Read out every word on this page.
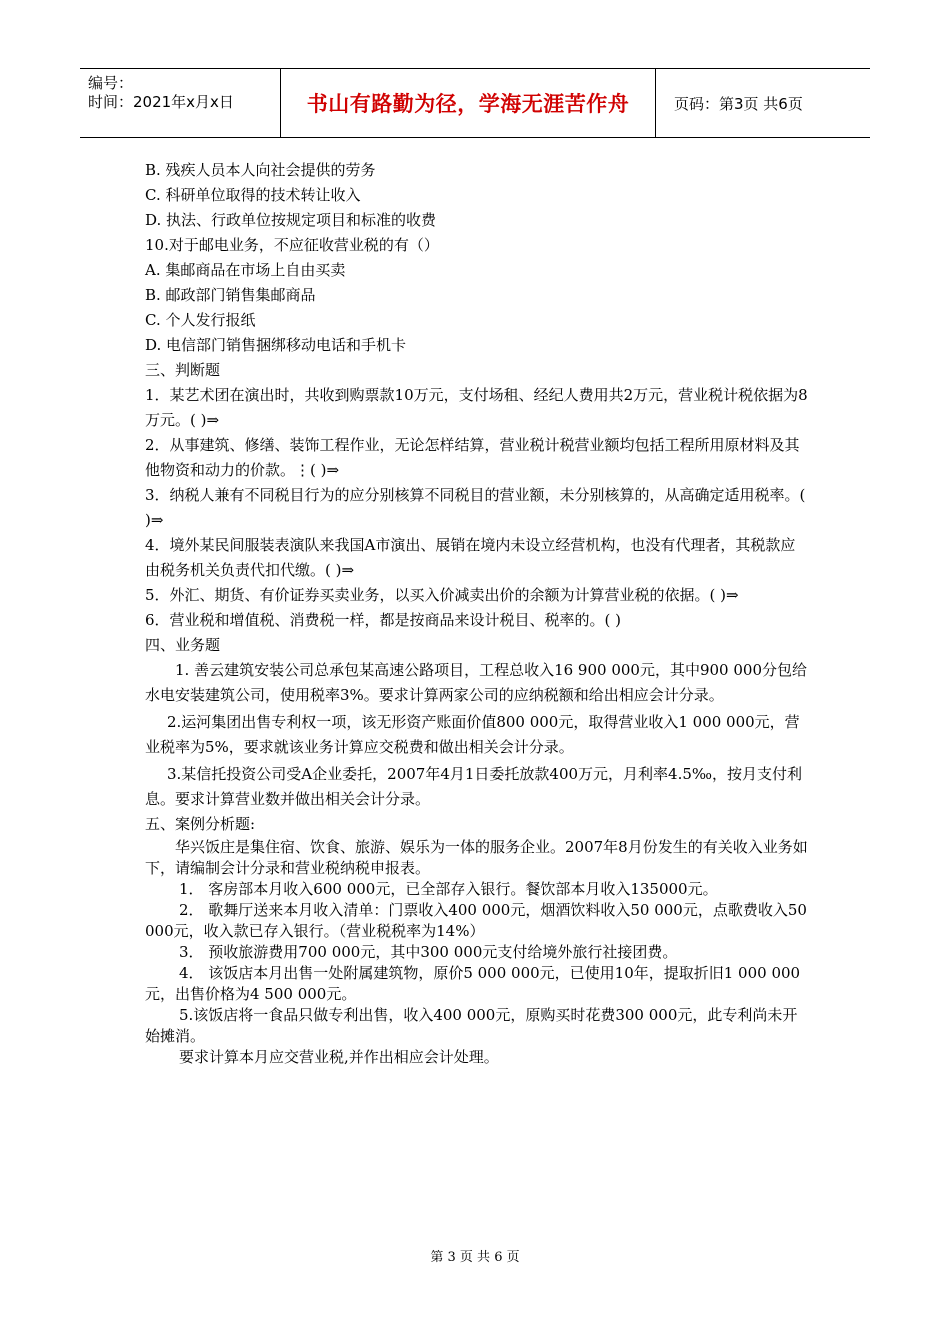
编号：
时间：2021年x月x日	书山有路勤为径，学海无涯苦作舟	页码：第3页 共6页
B. 残疾人员本人向社会提供的劳务
C. 科研单位取得的技术转让收入
D. 执法、行政单位按规定项目和标准的收费
10.对于邮电业务，不应征收营业税的有（）
A. 集邮商品在市场上自由买卖
B. 邮政部门销售集邮商品
C. 个人发行报纸
D. 电信部门销售捆绑移动电话和手机卡
三、判断题
1．某艺术团在演出时，共收到购票款10万元，支付场租、经纪人费用共2万元，营业税计税依据为8万元。( )⇒
2．从事建筑、修缮、装饰工程作业，无论怎样结算，营业税计税营业额均包括工程所用原材料及其他物资和动力的价款。⋮( )⇒
3．纳税人兼有不同税目行为的应分别核算不同税目的营业额，未分别核算的，从高确定适用税率。( )⇒
4．境外某民间服装表演队来我国A市演出、展销在境内未设立经营机构，也没有代理者，其税款应由税务机关负责代扣代缴。( )⇒
5．外汇、期货、有价证券买卖业务，以买入价减卖出价的余额为计算营业税的依据。( )⇒
6．营业税和增值税、消费税一样，都是按商品来设计税目、税率的。( )
四、业务题
1. 善云建筑安装公司总承包某高速公路项目，工程总收入16 900 000元，其中900 000分包给水电安装建筑公司，使用税率3%。要求计算两家公司的应纳税额和给出相应会计分录。
2.运河集团出售专利权一项，该无形资产账面价值800 000元，取得营业收入1 000 000元，营业税率为5%，要求就该业务计算应交税费和做出相关会计分录。
3.某信托投资公司受A企业委托，2007年4月1日委托放款400万元，月利率4.5‰，按月支付利息。要求计算营业数并做出相关会计分录。
五、案例分析题:
华兴饭庄是集住宿、饮食、旅游、娱乐为一体的服务企业。2007年8月份发生的有关收入业务如下，请编制会计分录和营业税纳税申报表。
1． 客房部本月收入600 000元，已全部存入银行。餐饮部本月收入135000元。
2． 歌舞厅送来本月收入清单：门票收入400 000元，烟酒饮料收入50 000元，点歌费收入50 000元，收入款已存入银行。（营业税税率为14%）
3． 预收旅游费用700 000元，其中300 000元支付给境外旅行社接团费。
4． 该饭店本月出售一处附属建筑物，原价5 000 000元，已使用10年，提取折旧1 000 000元，出售价格为4 500 000元。
5.该饭店将一食品只做专利出售，收入400 000元，原购买时花费300 000元，此专利尚未开始摊消。
要求计算本月应交营业税,并作出相应会计处理。
第 3 页 共 6 页
